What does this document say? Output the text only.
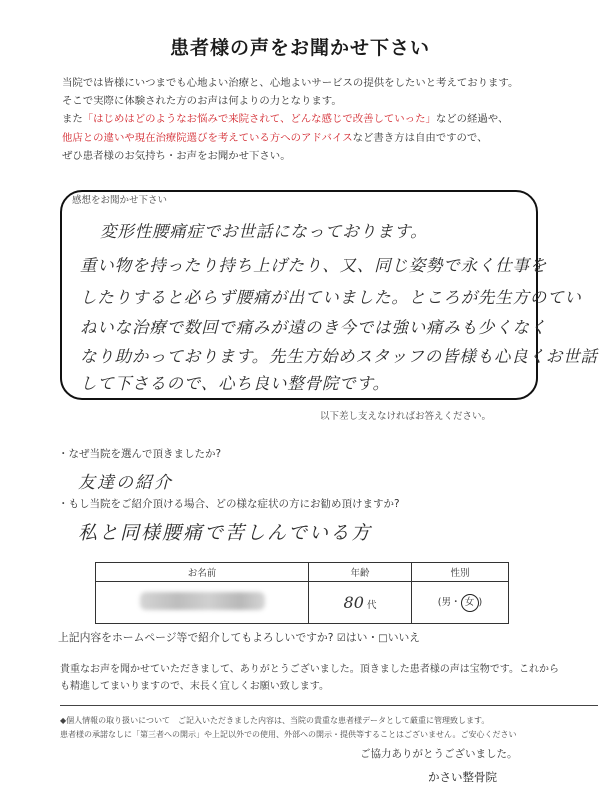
患者様の声をお聞かせ下さい
当院では皆様にいつまでも心地よい治療と、心地よいサービスの提供をしたいと考えております。
そこで実際に体験された方のお声は何よりの力となります。
また「はじめはどのようなお悩みで来院されて、どんな感じで改善していった」などの経過や、
他店との違いや現在治療院選びを考えている方へのアドバイスなど書き方は自由ですので、
ぜひ患者様のお気持ち・お声をお聞かせ下さい。
感想をお聞かせ下さい
変形性腰痛症でお世話になっております。
重い物を持ったり持ち上げたり、又、同じ姿勢で永く仕事を
したりすると必らず腰痛が出ていました。ところが先生方のてい
ねいな治療で数回で痛みが遠のき今では強い痛みも少くなく
なり助かっております。先生方始めスタッフの皆様も心良くお世話
して下さるので、心ち良い整骨院です。
以下差し支えなければお答えください。
・なぜ当院を選んで頂きましたか?
友達の紹介
・もし当院をご紹介頂ける場合、どの様な症状の方にお勧め頂けますか?
私と同様腰痛で苦しんでいる方
お名前	年齢	性別
	80 代	(男・ 女 )
上記内容をホームページ等で紹介してもよろしいですか? ☑はい・□いいえ
貴重なお声を聞かせていただきまして、ありがとうございました。頂きました患者様の声は宝物です。これから
も精進してまいりますので、末長く宜しくお願い致します。
◆個人情報の取り扱いについて　ご記入いただきました内容は、当院の貴重な患者様データとして厳重に管理致します。
患者様の承諾なしに「第三者への開示」や上記以外での使用、外部への開示・提供等することはございません。ご安心ください
ご協力ありがとうございました。
かさい整骨院
